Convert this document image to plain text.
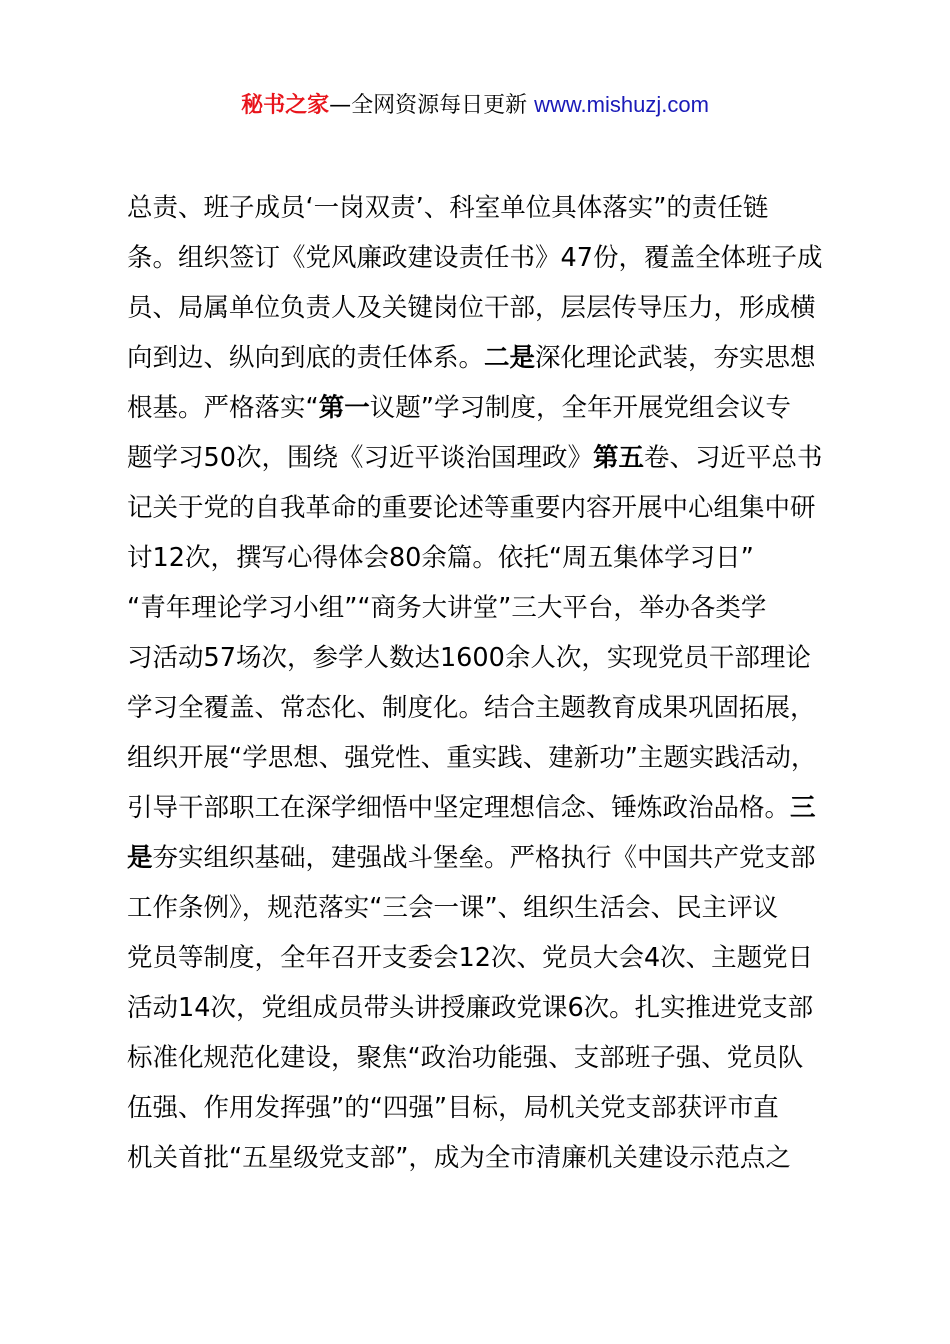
秘书之家—全网资源每日更新 www.mishuzj.com
总责、班子成员‘一岗双责’、科室单位具体落实”的责任链
条。组织签订《党风廉政建设责任书》47份，覆盖全体班子成
员、局属单位负责人及关键岗位干部，层层传导压力，形成横
向到边、纵向到底的责任体系。二是深化理论武装，夯实思想
根基。严格落实“第一议题”学习制度，全年开展党组会议专
题学习50次，围绕《习近平谈治国理政》第五卷、习近平总书
记关于党的自我革命的重要论述等重要内容开展中心组集中研
讨12次，撰写心得体会80余篇。依托“周五集体学习日”
“青年理论学习小组”“商务大讲堂”三大平台，举办各类学
习活动57场次，参学人数达1600余人次，实现党员干部理论
学习全覆盖、常态化、制度化。结合主题教育成果巩固拓展，
组织开展“学思想、强党性、重实践、建新功”主题实践活动，
引导干部职工在深学细悟中坚定理想信念、锤炼政治品格。三
是夯实组织基础，建强战斗堡垒。严格执行《中国共产党支部
工作条例》，规范落实“三会一课”、组织生活会、民主评议
党员等制度，全年召开支委会12次、党员大会4次、主题党日
活动14次，党组成员带头讲授廉政党课6次。扎实推进党支部
标准化规范化建设，聚焦“政治功能强、支部班子强、党员队
伍强、作用发挥强”的“四强”目标，局机关党支部获评市直
机关首批“五星级党支部”，成为全市清廉机关建设示范点之
